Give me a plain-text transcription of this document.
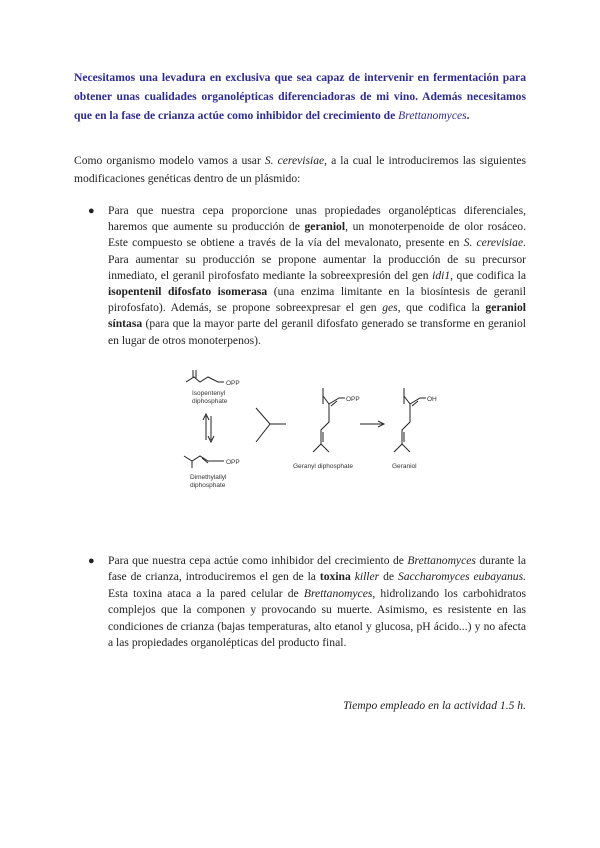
Necesitamos una levadura en exclusiva que sea capaz de intervenir en fermentación para obtener unas cualidades organolépticas diferenciadoras de mi vino. Además necesitamos que en la fase de crianza actúe como inhibidor del crecimiento de Brettanomyces.

Como organismo modelo vamos a usar S. cerevisiae, a la cual le introduciremos las siguientes modificaciones genéticas dentro de un plásmido:

● Para que nuestra cepa proporcione unas propiedades organolépticas diferenciales, haremos que aumente su producción de geraniol, un monoterpenoide de olor rosáceo. Este compuesto se obtiene a través de la vía del mevalonato, presente en S. cerevisiae. Para aumentar su producción se propone aumentar la producción de su precursor inmediato, el geranil pirofosfato mediante la sobreexpresión del gen idi1, que codifica la isopentenil difosfato isomerasa (una enzima limitante en la biosíntesis de geranil pirofosfato). Además, se propone sobreexpresar el gen ges, que codifica la geraniol síntasa (para que la mayor parte del geranil difosfato generado se transforme en geraniol en lugar de otros monoterpenos).
OPP
Isopentenyl
diphosphate
OPP
Dimethylallyl
diphosphate
OPP
Geranyl diphosphate
OH
Geraniol
● Para que nuestra cepa actúe como inhibidor del crecimiento de Brettanomyces durante la fase de crianza, introduciremos el gen de la toxina killer de Saccharomyces eubayanus. Esta toxina ataca a la pared celular de Brettanomyces, hidrolizando los carbohidratos complejos que la componen y provocando su muerte. Asimismo, es resistente en las condiciones de crianza (bajas temperaturas, alto etanol y glucosa, pH ácido...) y no afecta a las propiedades organolépticas del producto final.
Tiempo empleado en la actividad 1.5 h.
